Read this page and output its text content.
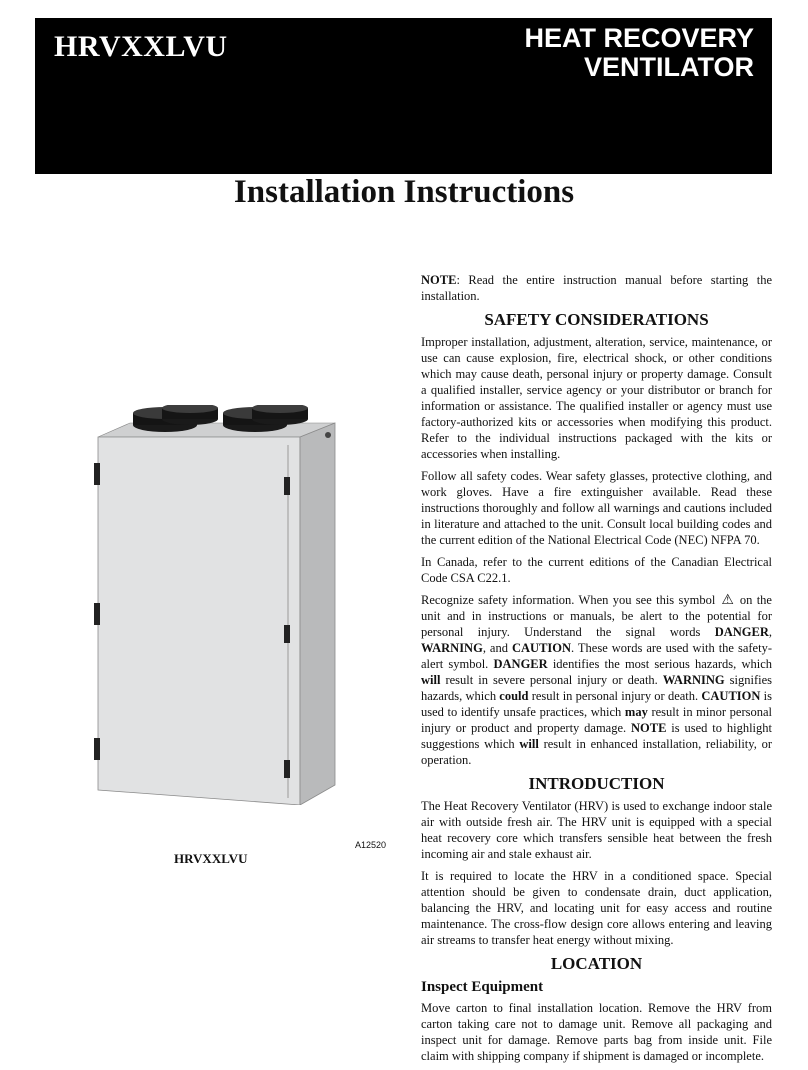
HRVXXLVU	HEAT RECOVERY
VENTILATOR
Installation Instructions
A12520
HRVXXLVU

NOTE: Read the entire instruction manual before starting the installation.

SAFETY CONSIDERATIONS

Improper installation, adjustment, alteration, service, maintenance, or use can cause explosion, fire, electrical shock, or other conditions which may cause death, personal injury or property damage. Consult a qualified installer, service agency or your distributor or branch for information or assistance. The qualified installer or agency must use factory-authorized kits or accessories when modifying this product. Refer to the individual instructions packaged with the kits or accessories when installing.

Follow all safety codes. Wear safety glasses, protective clothing, and work gloves. Have a fire extinguisher available. Read these instructions thoroughly and follow all warnings and cautions included in literature and attached to the unit. Consult local building codes and the current edition of the National Electrical Code (NEC) NFPA 70.

In Canada, refer to the current editions of the Canadian Electrical Code CSA C22.1.

Recognize safety information. When you see this symbol ⚠ on the unit and in instructions or manuals, be alert to the potential for personal injury. Understand the signal words DANGER, WARNING, and CAUTION. These words are used with the safety-alert symbol. DANGER identifies the most serious hazards, which will result in severe personal injury or death. WARNING signifies hazards, which could result in personal injury or death. CAUTION is used to identify unsafe practices, which may result in minor personal injury or product and property damage. NOTE is used to highlight suggestions which will result in enhanced installation, reliability, or operation.

INTRODUCTION

The Heat Recovery Ventilator (HRV) is used to exchange indoor stale air with outside fresh air. The HRV unit is equipped with a special heat recovery core which transfers sensible heat between the fresh incoming air and stale exhaust air.

It is required to locate the HRV in a conditioned space. Special attention should be given to condensate drain, duct application, balancing the HRV, and locating unit for easy access and routine maintenance. The cross-flow design core allows entering and leaving air streams to transfer heat energy without mixing.

LOCATION
Inspect Equipment

Move carton to final installation location. Remove the HRV from carton taking care not to damage unit. Remove all packaging and inspect unit for damage. Remove parts bag from inside unit. File claim with shipping company if shipment is damaged or incomplete.
